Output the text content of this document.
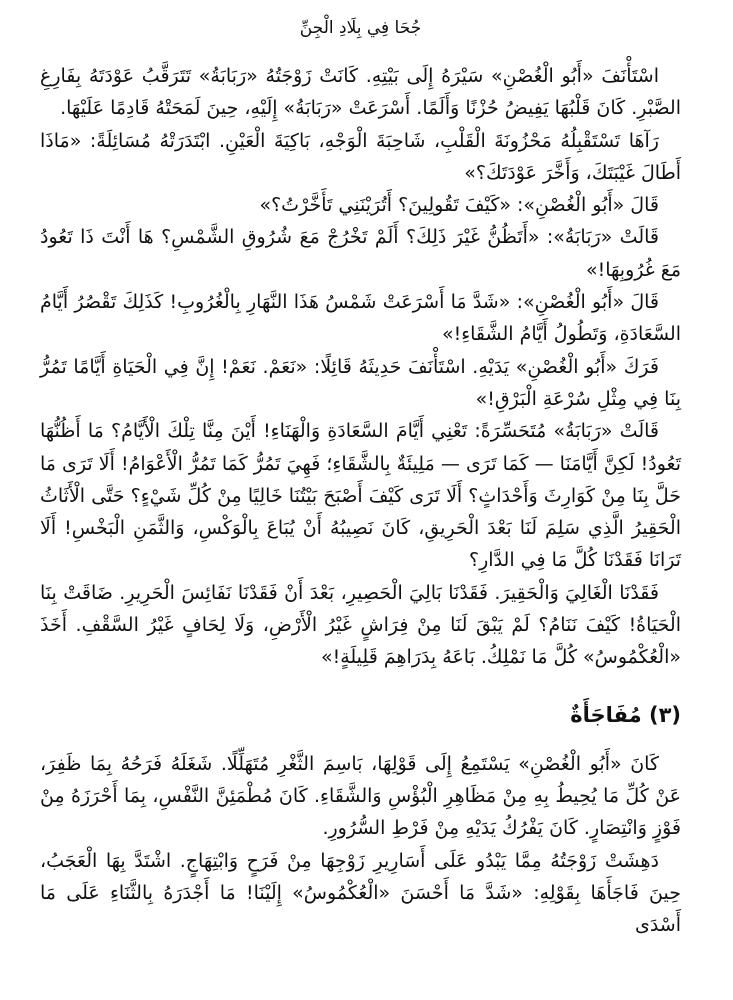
جُحَا فِي بِلَادِ الْجِنِّ

اسْتَأْنَفَ «أَبُو الْغُصْنِ» سَيْرَهُ إِلَى بَيْتِهِ. كَانَتْ زَوْجَتُهُ «رَبَابَةُ» تَتَرَقَّبُ عَوْدَتَهُ بِفَارِغِ الصَّبْرِ. كَانَ قَلْبُهَا يَفِيضُ حُزْنًا وَأَلَمًا. أَسْرَعَتْ «رَبَابَةُ» إِلَيْهِ، حِينَ لَمَحَتْهُ قَادِمًا عَلَيْهَا.

رَآهَا تَسْتَقْبِلُهُ مَحْزُونَةَ الْقَلْبِ، شَاحِبَةَ الْوَجْهِ، بَاكِيَةَ الْعَيْنِ. ابْتَدَرَتْهُ مُسَائِلَةً: «مَاذَا أَطَالَ غَيْبَتَكَ، وَأَخَّرَ عَوْدَتَكَ؟»

قَالَ «أَبُو الْغُصْنِ»: «كَيْفَ تَقُولِينَ؟ أَتُرَيْنَنِي تَأَخَّرْتُ؟»

قَالَتْ «رَبَابَةُ»: «أَتَظُنُّ غَيْرَ ذَلِكَ؟ أَلَمْ تَخْرُجْ مَعَ شُرُوقِ الشَّمْسِ؟ هَا أَنْتَ ذَا تَعُودُ مَعَ غُرُوبِهَا!»

قَالَ «أَبُو الْغُصْنِ»: «شَدَّ مَا أَسْرَعَتْ شَمْسُ هَذَا النَّهَارِ بِالْغُرُوبِ! كَذَلِكَ تَقْصُرُ أَيَّامُ السَّعَادَةِ، وَتَطُولُ أَيَّامُ الشَّقَاءِ!»

فَرَكَ «أَبُو الْغُصْنِ» يَدَيْهِ. اسْتَأْنَفَ حَدِيثَهُ قَائِلًا: «نَعَمْ. نَعَمْ! إِنَّ فِي الْحَيَاةِ أَيَّامًا تَمُرُّ بِنَا فِي مِثْلِ سُرْعَةِ الْبَرْقِ!»

قَالَتْ «رَبَابَةُ» مُتَحَسِّرَةً: تَعْنِي أَيَّامَ السَّعَادَةِ وَالْهَنَاءِ! أَيْنَ مِنَّا تِلْكَ الْأَيَّامُ؟ مَا أَظُنُّهَا تَعُودُ! لَكِنَّ أَيَّامَنَا — كَمَا تَرَى — مَلِيئَةٌ بِالشَّقَاءِ؛ فَهِيَ تَمُرُّ كَمَا تَمُرُّ الْأَعْوَامُ! أَلَا تَرَى مَا حَلَّ بِنَا مِنْ كَوَارِثَ وَأَحْدَاثٍ؟ أَلَا تَرَى كَيْفَ أَصْبَحَ بَيْتُنَا خَالِيًا مِنْ كُلِّ شَيْءٍ؟ حَتَّى الْأَثَاثُ الْحَقِيرُ الَّذِي سَلِمَ لَنَا بَعْدَ الْحَرِيقِ، كَانَ نَصِيبُهُ أَنْ يُبَاعَ بِالْوَكْسِ، وَالثَّمَنِ الْبَخْسِ! أَلَا تَرَانَا فَقَدْنَا كُلَّ مَا فِي الدَّارِ؟

فَقَدْنَا الْغَالِيَ وَالْحَقِيرَ. فَقَدْنَا بَالِيَ الْحَصِيرِ، بَعْدَ أَنْ فَقَدْنَا نَفَائِسَ الْحَرِيرِ. ضَاقَتْ بِنَا الْحَيَاةُ! كَيْفَ نَنَامُ؟ لَمْ يَبْقَ لَنَا مِنْ فِرَاشٍ غَيْرُ الْأَرْضِ، وَلَا لِحَافٍ غَيْرُ السَّقْفِ. أَخَذَ «الْعُكْمُوسُ» كُلَّ مَا نَمْلِكُ. بَاعَهُ بِدَرَاهِمَ قَلِيلَةٍ!»

(٣) مُفَاجَأَةٌ

كَانَ «أَبُو الْغُصْنِ» يَسْتَمِعُ إِلَى قَوْلِهَا، بَاسِمَ الثَّغْرِ مُتَهَلِّلًا. شَغَلَهُ فَرَحُهُ بِمَا ظَفِرَ، عَنْ كُلِّ مَا يُحِيطُ بِهِ مِنْ مَظَاهِرِ الْبُؤْسِ وَالشَّقَاءِ. كَانَ مُطْمَئِنَّ النَّفْسِ، بِمَا أَحْرَزَهُ مِنْ فَوْزٍ وَانْتِصَارٍ. كَانَ يَفْرُكُ يَدَيْهِ مِنْ فَرْطِ السُّرُورِ.

دَهِشَتْ زَوْجَتُهُ مِمَّا يَبْدُو عَلَى أَسَارِيرِ زَوْجِهَا مِنْ فَرَحٍ وَابْتِهَاجٍ. اشْتَدَّ بِهَا الْعَجَبُ، حِينَ فَاجَأَهَا بِقَوْلِهِ: «شَدَّ مَا أَحْسَنَ «الْعُكْمُوسُ» إِلَيْنَا! مَا أَجْدَرَهُ بِالثَّنَاءِ عَلَى مَا أَسْدَى
